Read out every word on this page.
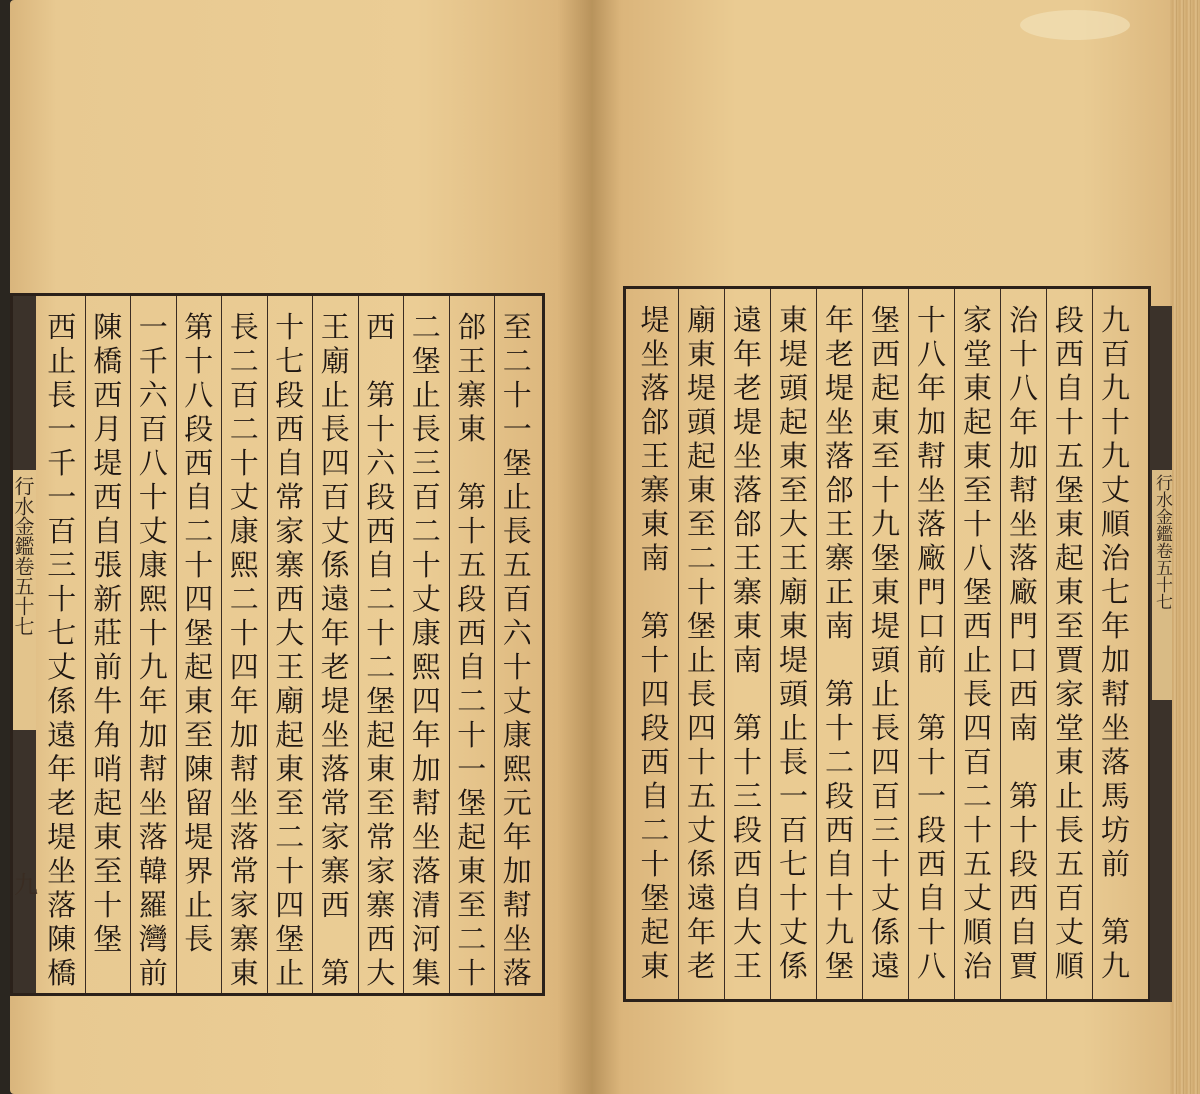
行水金鑑卷五十七
九
至
二
十
一
堡
止
長
五
百
六
十
丈
康
熙
元
年
加
幇
坐
落
郃
王
寨
東

第
十
五
段
西
自
二
十
一
堡
起
東
至
二
十
二
堡
止
長
三
百
二
十
丈
康
熙
四
年
加
幇
坐
落
清
河
集
西

第
十
六
段
西
自
二
十
二
堡
起
東
至
常
家
寨
西
大
王
廟
止
長
四
百
丈
係
遠
年
老
堤
坐
落
常
家
寨
西

第
十
七
段
西
自
常
家
寨
西
大
王
廟
起
東
至
二
十
四
堡
止
長
二
百
二
十
丈
康
熙
二
十
四
年
加
幇
坐
落
常
家
寨
東
第
十
八
段
西
自
二
十
四
堡
起
東
至
陳
留
堤
界
止
長
一
千
六
百
八
十
丈
康
熙
十
九
年
加
幇
坐
落
韓
羅
灣
前
陳
橋
西
月
堤
西
自
張
新
莊
前
牛
角
哨
起
東
至
十
堡
西
止
長
一
千
一
百
三
十
七
丈
係
遠
年
老
堤
坐
落
陳
橋
九
百
九
十
九
丈
順
治
七
年
加
幇
坐
落
馬
坊
前

第
九
段
西
自
十
五
堡
東
起
東
至
賈
家
堂
東
止
長
五
百
丈
順
治
十
八
年
加
幇
坐
落
廠
門
口
西
南

第
十
段
西
自
賈
家
堂
東
起
東
至
十
八
堡
西
止
長
四
百
二
十
五
丈
順
治
十
八
年
加
幇
坐
落
廠
門
口
前

第
十
一
段
西
自
十
八
堡
西
起
東
至
十
九
堡
東
堤
頭
止
長
四
百
三
十
丈
係
遠
年
老
堤
坐
落
郃
王
寨
正
南

第
十
二
段
西
自
十
九
堡
東
堤
頭
起
東
至
大
王
廟
東
堤
頭
止
長
一
百
七
十
丈
係
遠
年
老
堤
坐
落
郃
王
寨
東
南

第
十
三
段
西
自
大
王
廟
東
堤
頭
起
東
至
二
十
堡
止
長
四
十
五
丈
係
遠
年
老
堤
坐
落
郃
王
寨
東
南

第
十
四
段
西
自
二
十
堡
起
東
行水金鑑卷五十七
